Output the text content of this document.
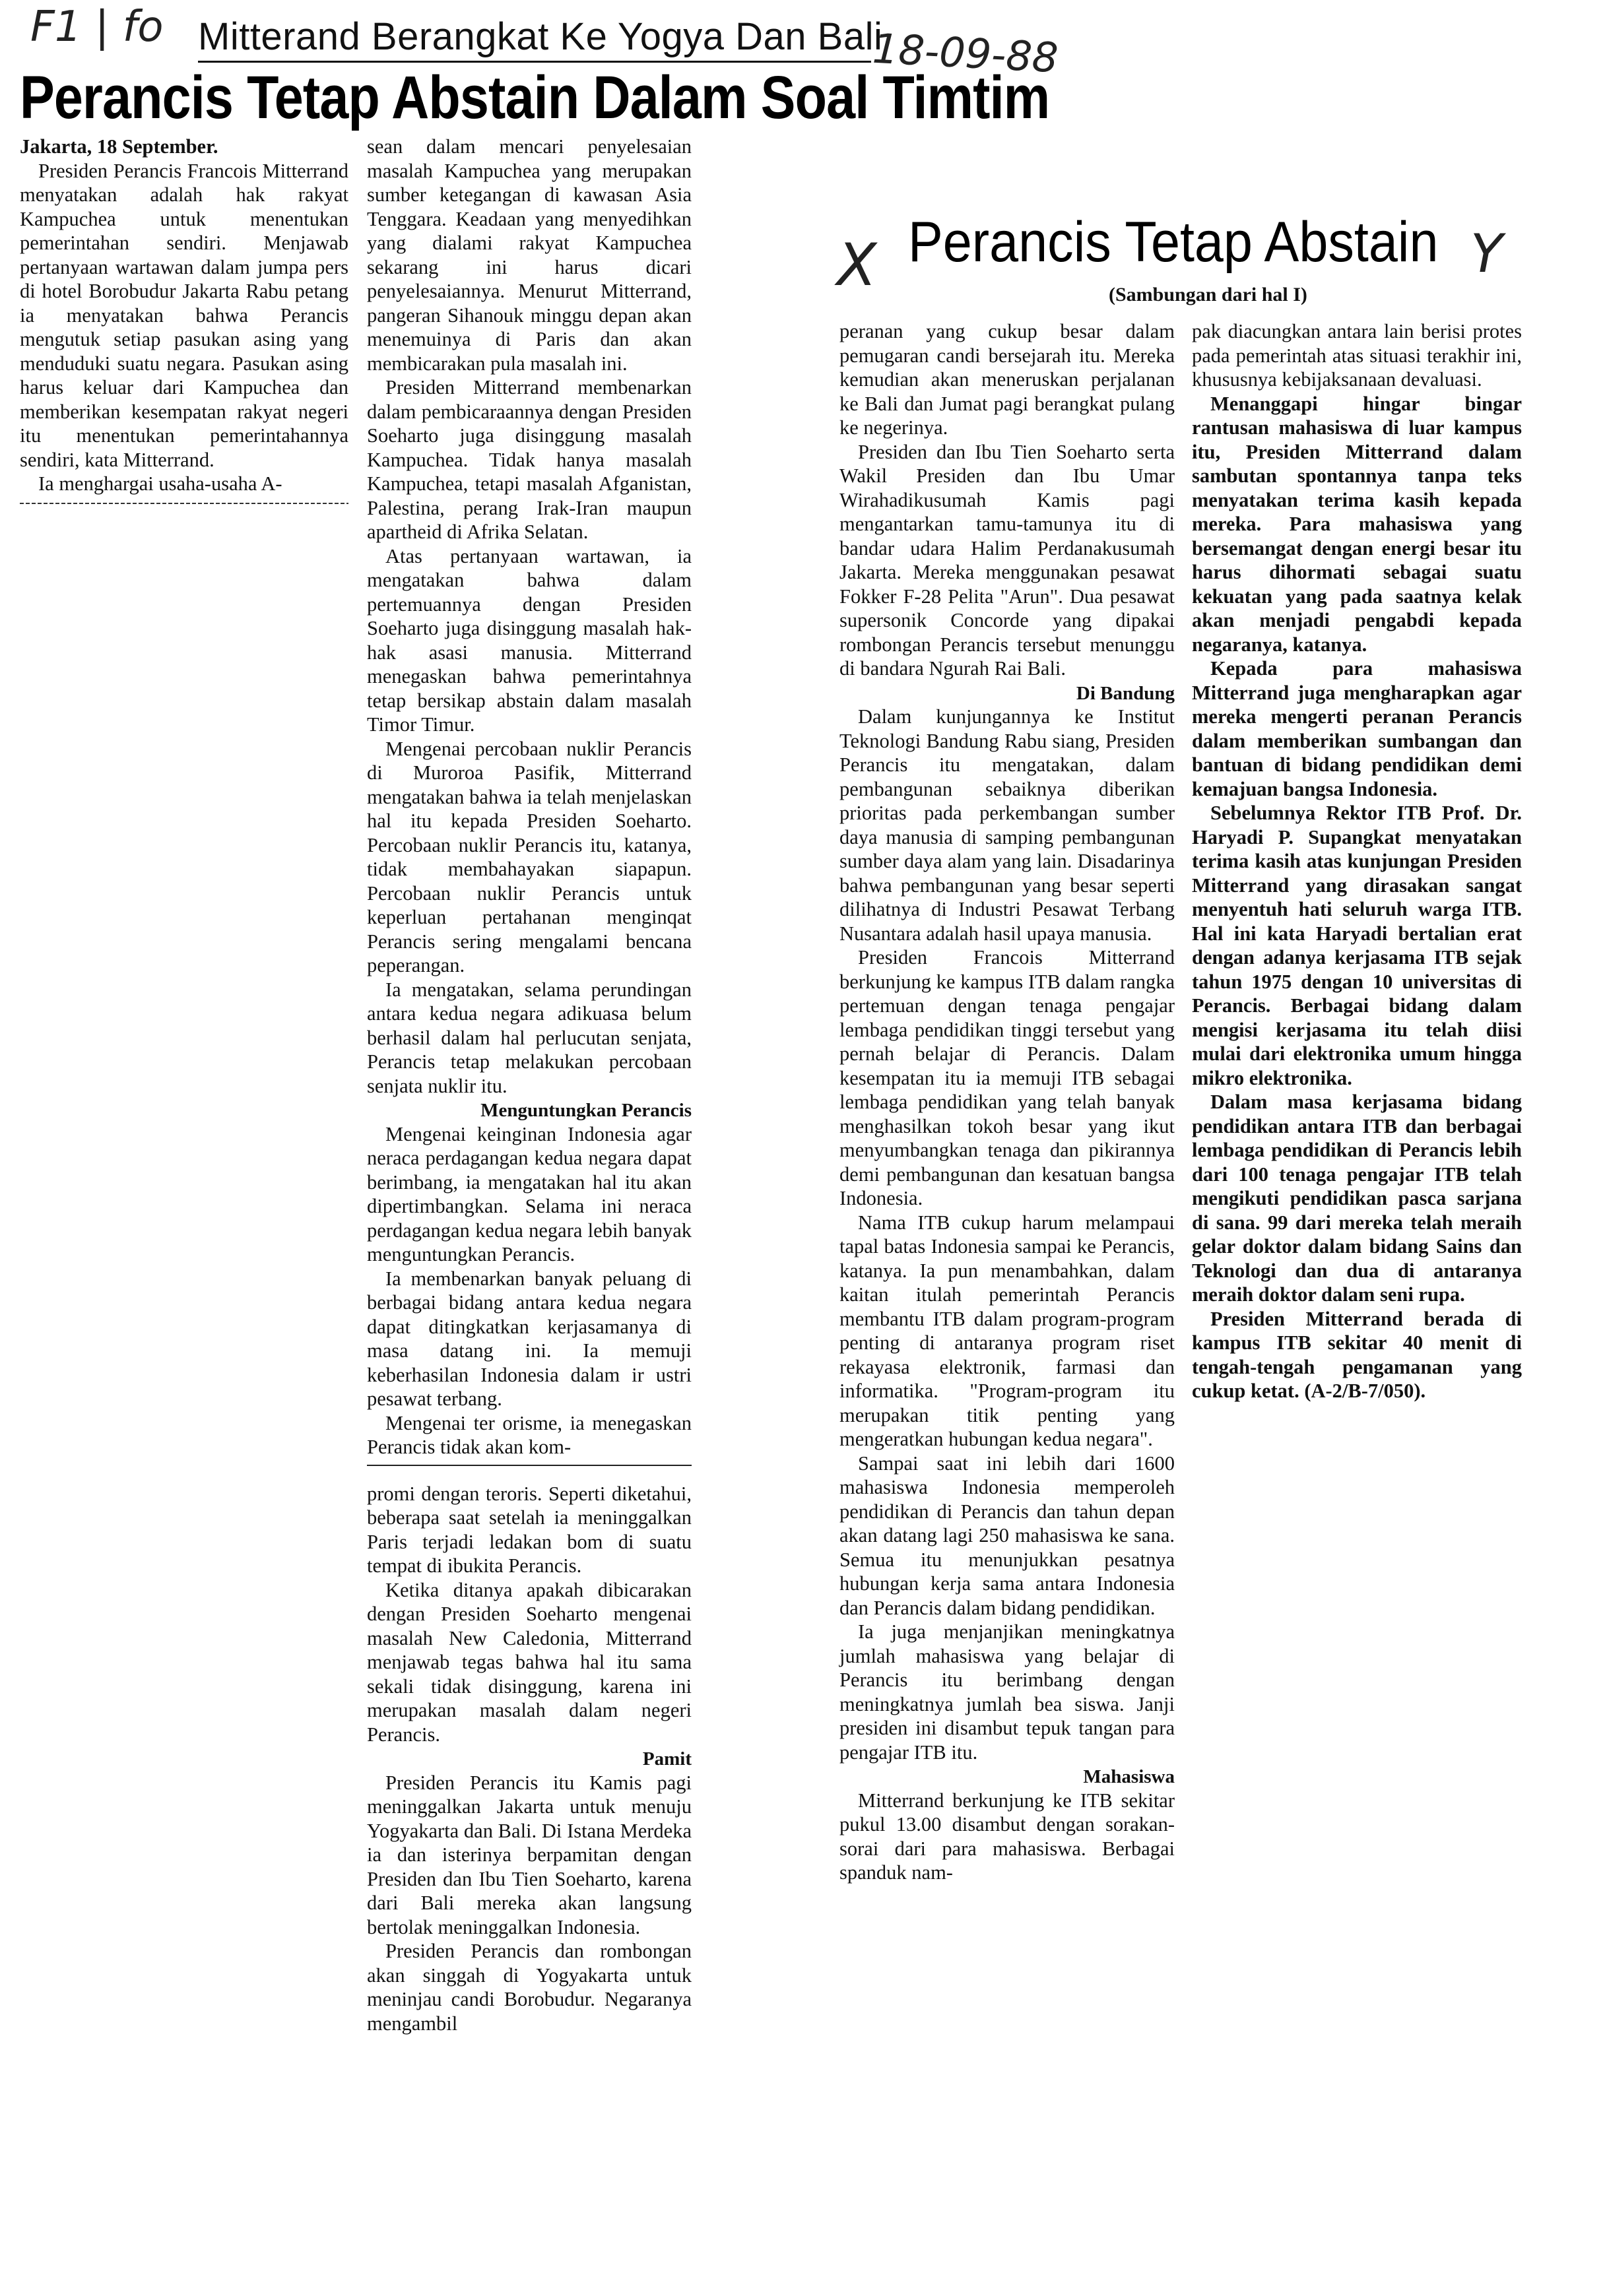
F1 | fo	18-09-88
Mitterand Berangkat Ke Yogya Dan Bali
Perancis Tetap Abstain Dalam Soal Timtim

Jakarta, 18 September.

Presiden Perancis Francois Mitterrand menyatakan adalah hak rakyat Kampuchea untuk menentukan pemerintahan sendiri. Menjawab pertanyaan wartawan dalam jumpa pers di hotel Borobudur Jakarta Rabu petang ia menyatakan bahwa Perancis mengutuk setiap pasukan asing yang menduduki suatu negara. Pasukan asing harus keluar dari Kampuchea dan memberikan kesempatan rakyat negeri itu menentukan pemerintahannya sendiri, kata Mitterrand.

Ia menghargai usaha-usaha A-

sean dalam mencari penyelesaian masalah Kampuchea yang merupakan sumber ketegangan di kawasan Asia Tenggara. Keadaan yang menyedihkan yang dialami rakyat Kampuchea sekarang ini harus dicari penyelesaiannya. Menurut Mitterrand, pangeran Sihanouk minggu depan akan menemuinya di Paris dan akan membicarakan pula masalah ini.

Presiden Mitterrand membenarkan dalam pembicaraannya dengan Presiden Soeharto juga disinggung masalah Kampuchea. Tidak hanya masalah Kampuchea, tetapi masalah Afganistan, Palestina, perang Irak-Iran maupun apartheid di Afrika Selatan.

Atas pertanyaan wartawan, ia mengatakan bahwa dalam pertemuannya dengan Presiden Soeharto juga disinggung masalah hak-hak asasi manusia. Mitterrand menegaskan bahwa pemerintahnya tetap bersikap abstain dalam masalah Timor Timur.

Mengenai percobaan nuklir Perancis di Muroroa Pasifik, Mitterrand mengatakan bahwa ia telah menjelaskan hal itu kepada Presiden Soeharto. Percobaan nuklir Perancis itu, katanya, tidak membahayakan siapapun. Percobaan nuklir Perancis untuk keperluan pertahanan menginqat Perancis sering mengalami bencana peperangan.

Ia mengatakan, selama perundingan antara kedua negara adikuasa belum berhasil dalam hal perlucutan senjata, Perancis tetap melakukan percobaan senjata nuklir itu.

Menguntungkan Perancis

Mengenai keinginan Indonesia agar neraca perdagangan kedua negara dapat berimbang, ia mengatakan hal itu akan dipertimbangkan. Selama ini neraca perdagangan kedua negara lebih banyak menguntungkan Perancis.

Ia membenarkan banyak peluang di berbagai bidang antara kedua negara dapat ditingkatkan kerjasamanya di masa datang ini. Ia memuji keberhasilan Indonesia dalam ir ustri pesawat terbang.

Mengenai ter orisme, ia menegaskan Perancis tidak akan kom-

promi dengan teroris. Seperti diketahui, beberapa saat setelah ia meninggalkan Paris terjadi ledakan bom di suatu tempat di ibukita Perancis.

Ketika ditanya apakah dibicarakan dengan Presiden Soeharto mengenai masalah New Caledonia, Mitterrand menjawab tegas bahwa hal itu sama sekali tidak disinggung, karena ini merupakan masalah dalam negeri Perancis.

Pamit

Presiden Perancis itu Kamis pagi meninggalkan Jakarta untuk menuju Yogyakarta dan Bali. Di Istana Merdeka ia dan isterinya berpamitan dengan Presiden dan Ibu Tien Soeharto, karena dari Bali mereka akan langsung bertolak meninggalkan Indonesia.

Presiden Perancis dan rombongan akan singgah di Yogyakarta untuk meninjau candi Borobudur. Negaranya mengambil

X Perancis Tetap Abstain Y
(Sambungan dari hal I)

peranan yang cukup besar dalam pemugaran candi bersejarah itu. Mereka kemudian akan meneruskan perjalanan ke Bali dan Jumat pagi berangkat pulang ke negerinya.

Presiden dan Ibu Tien Soeharto serta Wakil Presiden dan Ibu Umar Wirahadikusumah Kamis pagi mengantarkan tamu-tamunya itu di bandar udara Halim Perdanakusumah Jakarta. Mereka menggunakan pesawat Fokker F-28 Pelita "Arun". Dua pesawat supersonik Concorde yang dipakai rombongan Perancis tersebut menunggu di bandara Ngurah Rai Bali.

Di Bandung

Dalam kunjungannya ke Institut Teknologi Bandung Rabu siang, Presiden Perancis itu mengatakan, dalam pembangunan sebaiknya diberikan prioritas pada perkembangan sumber daya manusia di samping pembangunan sumber daya alam yang lain. Disadarinya bahwa pembangunan yang besar seperti dilihatnya di Industri Pesawat Terbang Nusantara adalah hasil upaya manusia.

Presiden Francois Mitterrand berkunjung ke kampus ITB dalam rangka pertemuan dengan tenaga pengajar lembaga pendidikan tinggi tersebut yang pernah belajar di Perancis. Dalam kesempatan itu ia memuji ITB sebagai lembaga pendidikan yang telah banyak menghasilkan tokoh besar yang ikut menyumbangkan tenaga dan pikirannya demi pembangunan dan kesatuan bangsa Indonesia.

Nama ITB cukup harum melampaui tapal batas Indonesia sampai ke Perancis, katanya. Ia pun menambahkan, dalam kaitan itulah pemerintah Perancis membantu ITB dalam program-program penting di antaranya program riset rekayasa elektronik, farmasi dan informatika. "Program-program itu merupakan titik penting yang mengeratkan hubungan kedua negara".

Sampai saat ini lebih dari 1600 mahasiswa Indonesia memperoleh pendidikan di Perancis dan tahun depan akan datang lagi 250 mahasiswa ke sana. Semua itu menunjukkan pesatnya hubungan kerja sama antara Indonesia dan Perancis dalam bidang pendidikan.

Ia juga menjanjikan meningkatnya jumlah mahasiswa yang belajar di Perancis itu berimbang dengan meningkatnya jumlah bea siswa. Janji presiden ini disambut tepuk tangan para pengajar ITB itu.

Mahasiswa

Mitterrand berkunjung ke ITB sekitar pukul 13.00 disambut dengan sorakan-sorai dari para mahasiswa. Berbagai spanduk nam-

pak diacungkan antara lain berisi protes pada pemerintah atas situasi terakhir ini, khususnya kebijaksanaan devaluasi.

Menanggapi hingar bingar rantusan mahasiswa di luar kampus itu, Presiden Mitterrand dalam sambutan spontannya tanpa teks menyatakan terima kasih kepada mereka. Para mahasiswa yang bersemangat dengan energi besar itu harus dihormati sebagai suatu kekuatan yang pada saatnya kelak akan menjadi pengabdi kepada negaranya, katanya.

Kepada para mahasiswa Mitterrand juga mengharapkan agar mereka mengerti peranan Perancis dalam memberikan sumbangan dan bantuan di bidang pendidikan demi kemajuan bangsa Indonesia.

Sebelumnya Rektor ITB Prof. Dr. Haryadi P. Supangkat menyatakan terima kasih atas kunjungan Presiden Mitterrand yang dirasakan sangat menyentuh hati seluruh warga ITB. Hal ini kata Haryadi bertalian erat dengan adanya kerjasama ITB sejak tahun 1975 dengan 10 universitas di Perancis. Berbagai bidang dalam mengisi kerjasama itu telah diisi mulai dari elektronika umum hingga mikro elektronika.

Dalam masa kerjasama bidang pendidikan antara ITB dan berbagai lembaga pendidikan di Perancis lebih dari 100 tenaga pengajar ITB telah mengikuti pendidikan pasca sarjana di sana. 99 dari mereka telah meraih gelar doktor dalam bidang Sains dan Teknologi dan dua di antaranya meraih doktor dalam seni rupa.

Presiden Mitterrand berada di kampus ITB sekitar 40 menit di tengah-tengah pengamanan yang cukup ketat. (A-2/B-7/050).
